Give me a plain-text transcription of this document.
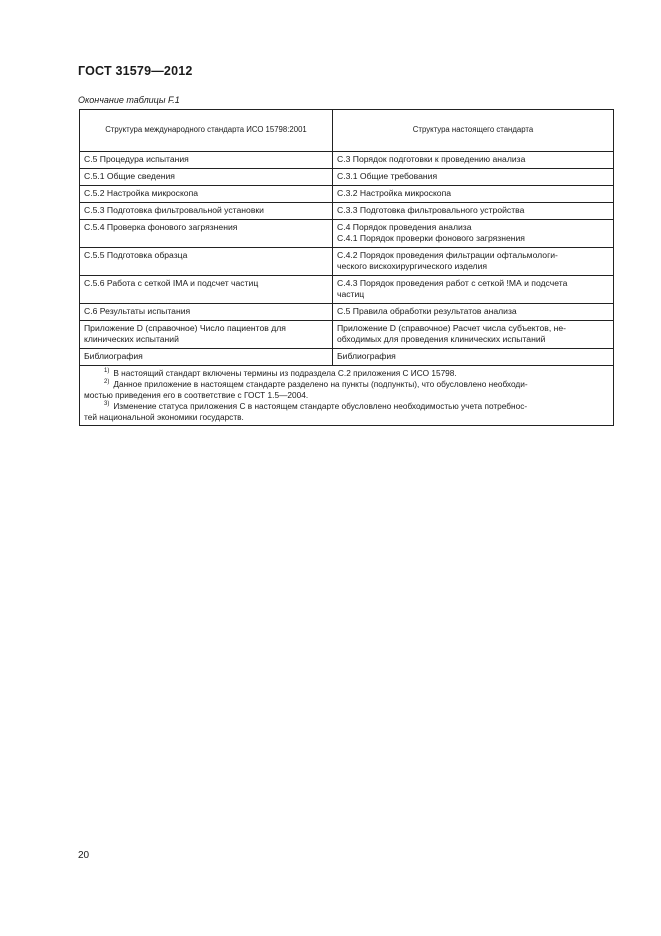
ГОСТ 31579—2012
Окончание таблицы F.1
Структура международного стандарта ИСО 15798:2001	Структура настоящего стандарта

С.5 Процедура испытания	С.3 Порядок подготовки к проведению анализа

С.5.1 Общие сведения	С.3.1 Общие требования

С.5.2 Настройка микроскопа	С.3.2 Настройка микроскопа

С.5.3 Подготовка фильтровальной установки	С.3.3 Подготовка фильтровального устройства

С.5.4 Проверка фонового загрязнения	С.4 Порядок проведения анализа
С.4.1 Порядок проверки фонового загрязнения

С.5.5 Подготовка образца	С.4.2 Порядок проведения фильтрации офтальмологи-
ческого вискохирургического изделия

С.5.6 Работа с сеткой IMA и подсчет частиц	С.4.3 Порядок проведения работ с сеткой !МА и подсчета
частиц

С.6 Результаты испытания	С.5 Правила обработки результатов анализа

Приложение D (справочное) Число пациентов для
клинических испытаний	Приложение D (справочное) Расчет числа субъектов, не-
обходимых для проведения клинических испытаний

Библиография	Библиография

$^{1)}$ В настоящий стандарт включены термины из подраздела С.2 приложения С ИСО 15798.
$^{2)}$ Данное приложение в настоящем стандарте разделено на пункты (подпункты), что обусловлено необходи-
мостью приведения его в соответствие с ГОСТ 1.5—2004.
$^{3)}$ Изменение статуса приложения С в настоящем стандарте обусловлено необходимостью учета потребнос-
тей национальной экономики государств.	
20
